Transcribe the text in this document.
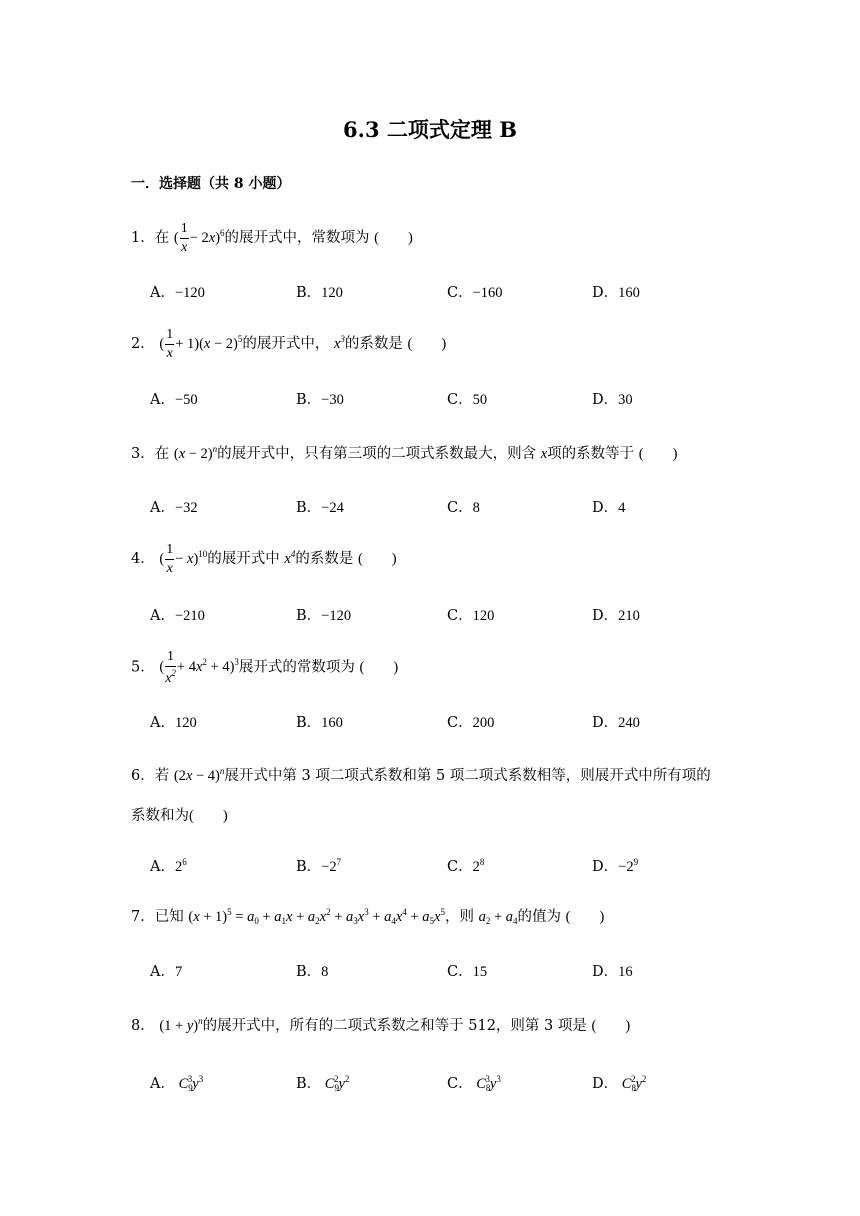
6.3 二项式定理 B
一．选择题（共 8 小题）
1．在 ( $\frac{1}{x} - 2x)^6$的展开式中，常数项为 (　　)
A．−120	B．120	C．−160	D．160
2． ( $\frac{1}{x} + 1)(x - 2)^5$的展开式中， $x^3$的系数是 (　　)
A．−50	B．−30	C．50	D．30
3．在 $(x - 2)^n$的展开式中，只有第三项的二项式系数最大，则含 x项的系数等于 (　　)
A．−32	B．−24	C．8	D．4
4． ( $\frac{1}{x} - x)^{10}$的展开式中 $x^4$的系数是 (　　)
A．−210	B．−120	C．120	D．210
5． ( $\frac{1}{x^2} + 4x^2 + 4)^3$展开式的常数项为 (　　)
A．120	B．160	C．200	D．240
6．若 $(2x - 4)^n$展开式中第 3 项二项式系数和第 5 项二项式系数相等，则展开式中所有项的
系数和为(　　)
A．$2^6$	B．$-2^7$	C．$2^8$	D．$-2^9$
7．已知 $(x + 1)^5 = a_0 + a_1x + a_2x^2 + a_3x^3 + a_4x^4 + a_5x^5$，则 $a_2 + a_4$的值为 (　　)
A．7	B．8	C．15	D．16
8． $(1 + y)^n$的展开式中，所有的二项式系数之和等于 512，则第 3 项是 (　　)
A． $C_9^3y^3$	B． $C_9^2y^2$	C． $C_8^3y^3$	D． $C_8^2y^2$
